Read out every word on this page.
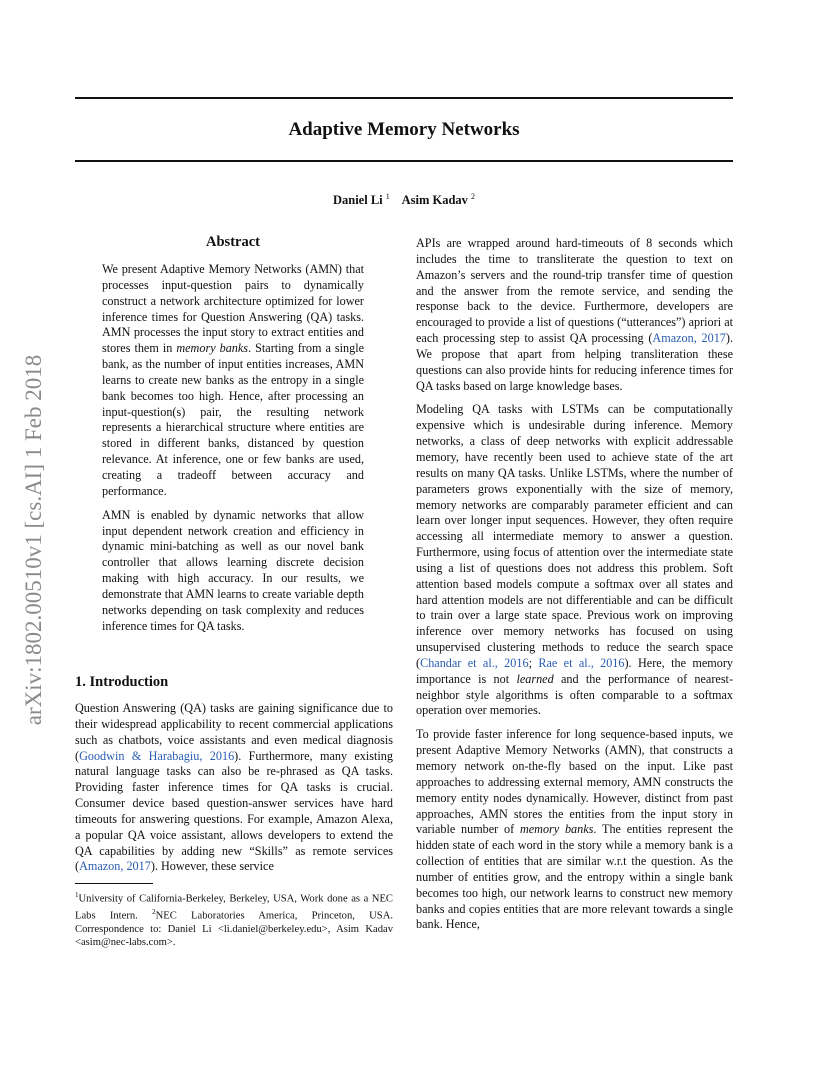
Adaptive Memory Networks
Daniel Li $^1$ Asim Kadav $^2$
arXiv:1802.00510v1 [cs.AI] 1 Feb 2018
Abstract

We present Adaptive Memory Networks (AMN) that processes input-question pairs to dynamically construct a network architecture optimized for lower inference times for Question Answering (QA) tasks. AMN processes the input story to extract entities and stores them in memory banks. Starting from a single bank, as the number of input entities increases, AMN learns to create new banks as the entropy in a single bank becomes too high. Hence, after processing an input-question(s) pair, the resulting network represents a hierarchical structure where entities are stored in different banks, distanced by question relevance. At inference, one or few banks are used, creating a tradeoff between accuracy and performance.

AMN is enabled by dynamic networks that allow input dependent network creation and efficiency in dynamic mini-batching as well as our novel bank controller that allows learning discrete decision making with high accuracy. In our results, we demonstrate that AMN learns to create variable depth networks depending on task complexity and reduces inference times for QA tasks.

1. Introduction

Question Answering (QA) tasks are gaining significance due to their widespread applicability to recent commercial applications such as chatbots, voice assistants and even medical diagnosis (Goodwin & Harabagiu, 2016). Furthermore, many existing natural language tasks can also be re-phrased as QA tasks. Providing faster inference times for QA tasks is crucial. Consumer device based question-answer services have hard timeouts for answering questions. For example, Amazon Alexa, a popular QA voice assistant, allows developers to extend the QA capabilities by adding new “Skills” as remote services (Amazon, 2017). However, these service

$^1$University of California-Berkeley, Berkeley, USA, Work done as a NEC Labs Intern. $^2$NEC Laboratories America, Princeton, USA. Correspondence to: Daniel Li <li.daniel@berkeley.edu>, Asim Kadav <asim@nec-labs.com>.

APIs are wrapped around hard-timeouts of 8 seconds which includes the time to transliterate the question to text on Amazon’s servers and the round-trip transfer time of question and the answer from the remote service, and sending the response back to the device. Furthermore, developers are encouraged to provide a list of questions (“utterances”) apriori at each processing step to assist QA processing (Amazon, 2017). We propose that apart from helping transliteration these questions can also provide hints for reducing inference times for QA tasks based on large knowledge bases.

Modeling QA tasks with LSTMs can be computationally expensive which is undesirable during inference. Memory networks, a class of deep networks with explicit addressable memory, have recently been used to achieve state of the art results on many QA tasks. Unlike LSTMs, where the number of parameters grows exponentially with the size of memory, memory networks are comparably parameter efficient and can learn over longer input sequences. However, they often require accessing all intermediate memory to answer a question. Furthermore, using focus of attention over the intermediate state using a list of questions does not address this problem. Soft attention based models compute a softmax over all states and hard attention models are not differentiable and can be difficult to train over a large state space. Previous work on improving inference over memory networks has focused on using unsupervised clustering methods to reduce the search space (Chandar et al., 2016; Rae et al., 2016). Here, the memory importance is not learned and the performance of nearest-neighbor style algorithms is often comparable to a softmax operation over memories.

To provide faster inference for long sequence-based inputs, we present Adaptive Memory Networks (AMN), that constructs a memory network on-the-fly based on the input. Like past approaches to addressing external memory, AMN constructs the memory entity nodes dynamically. However, distinct from past approaches, AMN stores the entities from the input story in variable number of memory banks. The entities represent the hidden state of each word in the story while a memory bank is a collection of entities that are similar w.r.t the question. As the number of entities grow, and the entropy within a single bank becomes too high, our network learns to construct new memory banks and copies entities that are more relevant towards a single bank. Hence,
